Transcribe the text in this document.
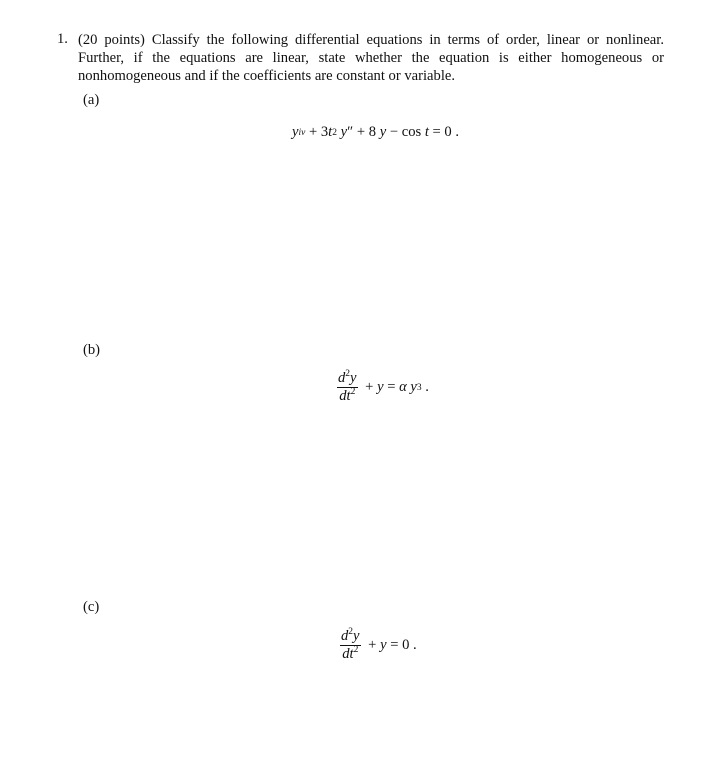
1. (20 points) Classify the following differential equations in terms of order, linear or nonlinear. Further, if the equations are linear, state whether the equation is either homogeneous or nonhomogeneous and if the coefficients are constant or variable.
(a)
y iv + 3 t 2 y ″ + 8 y − cos t = 0 .
(b)
$\frac{d^2y}{dt^2} + y = \alpha$ y 3 .
(c)
$\frac{d^2y}{dt^2} + y = 0$ .
